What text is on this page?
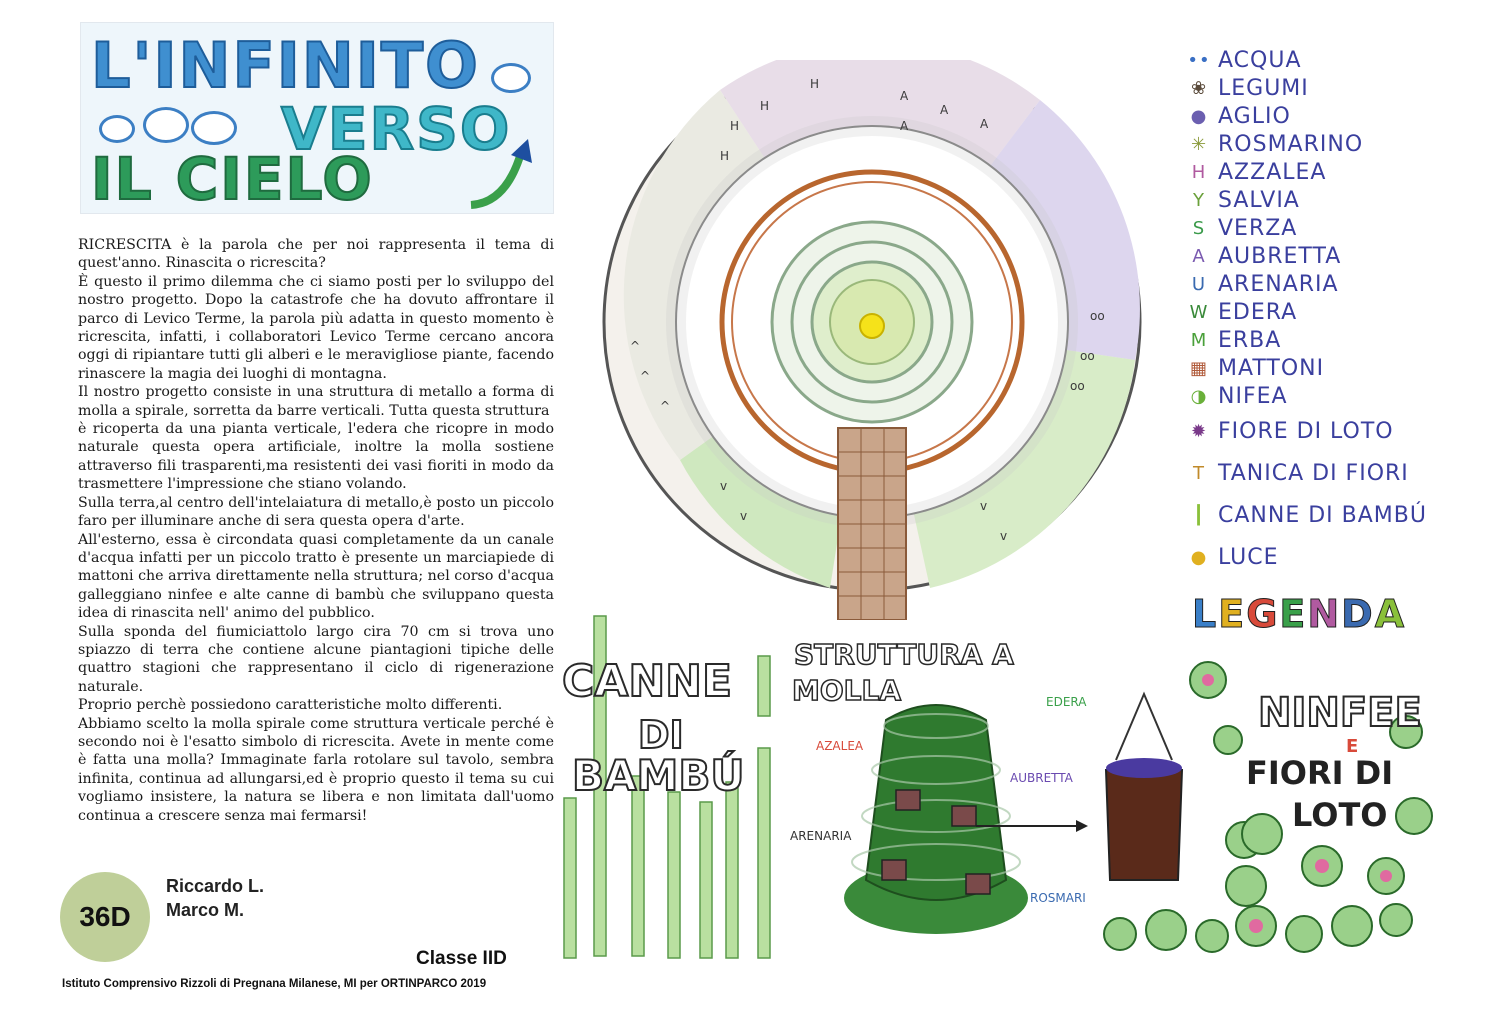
L'INFINITO
VERSO
IL CIELO

RICRESCITA è la parola che per noi rappresenta il tema di quest'anno. Rinascita o ricrescita?

È questo il primo dilemma che ci siamo posti per lo sviluppo del nostro progetto. Dopo la catastrofe che ha dovuto affrontare il parco di Levico Terme, la parola più adatta in questo momento è ricrescita, infatti, i collaboratori Levico Terme cercano ancora oggi di ripiantare tutti gli alberi e le meravigliose piante, facendo rinascere la magia dei luoghi di montagna.

Il nostro progetto consiste in una struttura di metallo a forma di molla a spirale, sorretta da barre verticali. Tutta questa struttura

è ricoperta da una pianta verticale, l'edera che ricopre in modo naturale questa opera artificiale, inoltre la molla sostiene attraverso fili trasparenti,ma resistenti dei vasi fioriti in modo da trasmettere l'impressione che stiano volando.

Sulla terra,al centro dell'intelaiatura di metallo,è posto un piccolo faro per illuminare anche di sera questa opera d'arte.

All'esterno, essa è circondata quasi completamente da un canale d'acqua infatti per un piccolo tratto è presente un marciapiede di mattoni che arriva direttamente nella struttura; nel corso d'acqua galleggiano ninfee e alte canne di bambù che sviluppano questa idea di rinascita nell' animo del pubblico.

Sulla sponda del fiumiciattolo largo cira 70 cm si trova uno spiazzo di terra che contiene alcune piantagioni tipiche delle quattro stagioni che rappresentano il ciclo di rigenerazione naturale.

Proprio perchè possiedono caratteristiche molto differenti.

Abbiamo scelto la molla spirale come struttura verticale perché è secondo noi è l'esatto simbolo di ricrescita. Avete in mente come è fatta una molla? Immaginate farla rotolare sul tavolo, sembra infinita, continua ad allungarsi,ed è proprio questo il tema su cui vogliamo insistere, la natura se libera e non limitata dall'uomo continua a crescere senza mai fermarsi!

36D
Riccardo L.
Marco M.
Classe IID
Istituto Comprensivo Rizzoli di Pregnana Milanese, MI per ORTINPARCO 2019
H
H
H
H
A
A
A
A
^
^
^
oo
oo
oo
v
v
v
v
•• ACQUA
❀ LEGUMI
● AGLIO
✳ ROSMARINO
H AZZALEA
Y SALVIA
S VERZA
A AUBRETTA
U ARENARIA
W EDERA
M ERBA
▦ MATTONI
◑ NIFEA
✹ FIORE DI LOTO
T TANICA DI FIORI
┃ CANNE DI BAMBÚ
● LUCE
LEGENDA
CANNE
DI
BAMBÚ
STRUTTURA A
MOLLA	EDERA
AZALEA
AUBRETTA
ARENARIA
ROSMARI
NINFEE
E
FIORI DI
LOTO
